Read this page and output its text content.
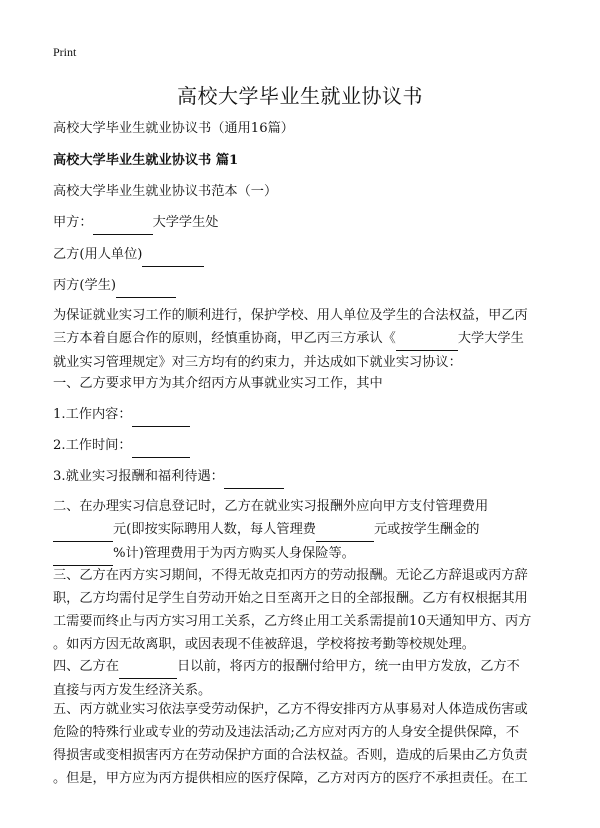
Print
高校大学毕业生就业协议书

高校大学毕业生就业协议书（通用16篇）

高校大学毕业生就业协议书 篇1

高校大学毕业生就业协议书范本（一）

甲方：	大学学生处

乙方(用人单位)

丙方(学生)

为保证就业实习工作的顺利进行，保护学校、用人单位及学生的合法权益，甲乙丙
三方本着自愿合作的原则，经慎重协商，甲乙丙三方承认《	大学大学生
就业实习管理规定》对三方均有的约束力，并达成如下就业实习协议：

一、乙方要求甲方为其介绍丙方从事就业实习工作，其中

1.工作内容：

2.工作时间：

3.就业实习报酬和福利待遇：

二、在办理实习信息登记时，乙方在就业实习报酬外应向甲方支付管理费用
元(即按实际聘用人数，每人管理费	元或按学生酬金的
%计)管理费用于为丙方购买人身保险等。
三、乙方在丙方实习期间，不得无故克扣丙方的劳动报酬。无论乙方辞退或丙方辞
职，乙方均需付足学生自劳动开始之日至离开之日的全部报酬。乙方有权根据其用
工需要而终止与丙方实习用工关系，乙方终止用工关系需提前10天通知甲方、丙方
。如丙方因无故离职，或因表现不佳被辞退，学校将按考勤等校规处理。
四、乙方在	日以前，将丙方的报酬付给甲方，统一由甲方发放，乙方不
直接与丙方发生经济关系。
五、丙方就业实习依法享受劳动保护，乙方不得安排丙方从事易对人体造成伤害或
危险的特殊行业或专业的劳动及违法活动;乙方应对丙方的人身安全提供保障，不
得损害或变相损害丙方在劳动保护方面的合法权益。否则，造成的后果由乙方负责
。但是，甲方应为丙方提供相应的医疗保障，乙方对丙方的医疗不承担责任。在工
